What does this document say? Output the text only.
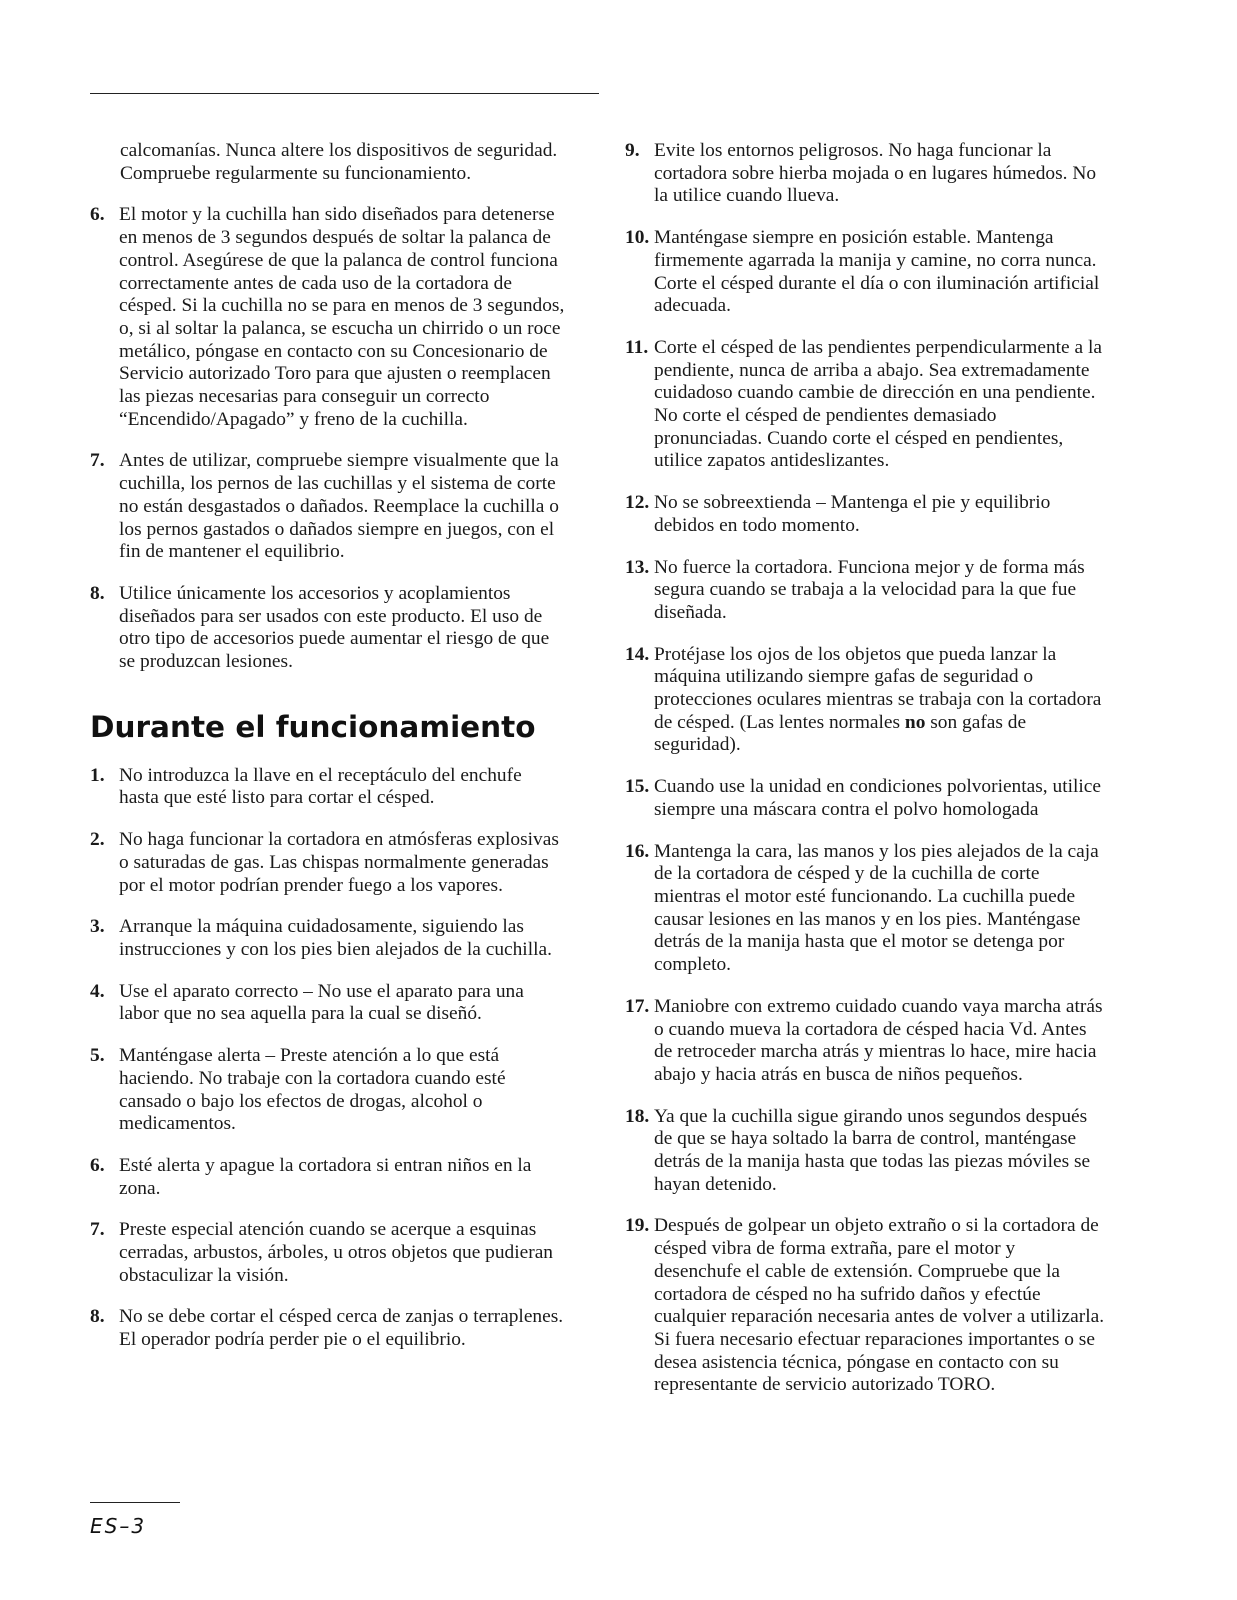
calcomanías. Nunca altere los dispositivos de seguridad. Compruebe regularmente su funcionamiento.
6. El motor y la cuchilla han sido diseñados para detenerse en menos de 3 segundos después de soltar la palanca de control. Asegúrese de que la palanca de control funciona correctamente antes de cada uso de la cortadora de césped. Si la cuchilla no se para en menos de 3 segundos, o, si al soltar la palanca, se escucha un chirrido o un roce metálico, póngase en contacto con su Concesionario de Servicio autorizado Toro para que ajusten o reemplacen las piezas necesarias para conseguir un correcto “Encendido/Apagado” y freno de la cuchilla.
7. Antes de utilizar, compruebe siempre visualmente que la cuchilla, los pernos de las cuchillas y el sistema de corte no están desgastados o dañados. Reemplace la cuchilla o los pernos gastados o dañados siempre en juegos, con el fin de mantener el equilibrio.
8. Utilice únicamente los accesorios y acoplamientos diseñados para ser usados con este producto. El uso de otro tipo de accesorios puede aumentar el riesgo de que se produzcan lesiones.
Durante el funcionamiento
1. No introduzca la llave en el receptáculo del enchufe hasta que esté listo para cortar el césped.
2. No haga funcionar la cortadora en atmósferas explosivas o saturadas de gas. Las chispas normalmente generadas por el motor podrían prender fuego a los vapores.
3. Arranque la máquina cuidadosamente, siguiendo las instrucciones y con los pies bien alejados de la cuchilla.
4. Use el aparato correcto – No use el aparato para una labor que no sea aquella para la cual se diseñó.
5. Manténgase alerta – Preste atención a lo que está haciendo. No trabaje con la cortadora cuando esté cansado o bajo los efectos de drogas, alcohol o medicamentos.
6. Esté alerta y apague la cortadora si entran niños en la zona.
7. Preste especial atención cuando se acerque a esquinas cerradas, arbustos, árboles, u otros objetos que pudieran obstaculizar la visión.
8. No se debe cortar el césped cerca de zanjas o terraplenes. El operador podría perder pie o el equilibrio.
9. Evite los entornos peligrosos. No haga funcionar la cortadora sobre hierba mojada o en lugares húmedos. No la utilice cuando llueva.
10. Manténgase siempre en posición estable. Mantenga firmemente agarrada la manija y camine, no corra nunca. Corte el césped durante el día o con iluminación artificial adecuada.
11. Corte el césped de las pendientes perpendicularmente a la pendiente, nunca de arriba a abajo. Sea extremadamente cuidadoso cuando cambie de dirección en una pendiente. No corte el césped de pendientes demasiado pronunciadas. Cuando corte el césped en pendientes, utilice zapatos antideslizantes.
12. No se sobreextienda – Mantenga el pie y equilibrio debidos en todo momento.
13. No fuerce la cortadora. Funciona mejor y de forma más segura cuando se trabaja a la velocidad para la que fue diseñada.
14. Protéjase los ojos de los objetos que pueda lanzar la máquina utilizando siempre gafas de seguridad o protecciones oculares mientras se trabaja con la cortadora de césped. (Las lentes normales no son gafas de seguridad).
15. Cuando use la unidad en condiciones polvorientas, utilice siempre una máscara contra el polvo homologada
16. Mantenga la cara, las manos y los pies alejados de la caja de la cortadora de césped y de la cuchilla de corte mientras el motor esté funcionando. La cuchilla puede causar lesiones en las manos y en los pies. Manténgase detrás de la manija hasta que el motor se detenga por completo.
17. Maniobre con extremo cuidado cuando vaya marcha atrás o cuando mueva la cortadora de césped hacia Vd. Antes de retroceder marcha atrás y mientras lo hace, mire hacia abajo y hacia atrás en busca de niños pequeños.
18. Ya que la cuchilla sigue girando unos segundos después de que se haya soltado la barra de control, manténgase detrás de la manija hasta que todas las piezas móviles se hayan detenido.
19. Después de golpear un objeto extraño o si la cortadora de césped vibra de forma extraña, pare el motor y desenchufe el cable de extensión. Compruebe que la cortadora de césped no ha sufrido daños y efectúe cualquier reparación necesaria antes de volver a utilizarla. Si fuera necesario efectuar reparaciones importantes o se desea asistencia técnica, póngase en contacto con su representante de servicio autorizado TORO.
ES–3
